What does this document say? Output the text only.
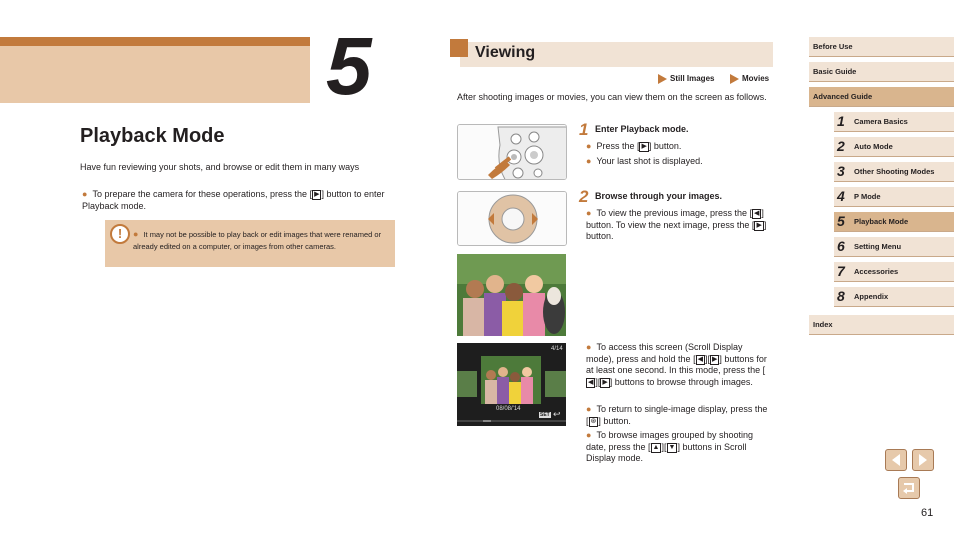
5
Playback Mode
Have fun reviewing your shots, and browse or edit them in many ways
● To prepare the camera for these operations, press the [ ▶ ] button to enter Playback mode.
!	● It may not be possible to play back or edit images that were renamed or already edited on a computer, or images from other cameras.
Viewing
Still Images	Movies
After shooting images or movies, you can view them on the screen as follows.
1 Enter Playback mode.
● Press the [ ▶ ] button.
● Your last shot is displayed.
2 Browse through your images.
● To view the previous image, press the [ ◀ ] button. To view the next image, press the [ ▶ ] button.
4/14
08/08/'14
SET ↩
● To access this screen (Scroll Display mode), press and hold the [ ◀ ][ ▶ ] buttons for at least one second. In this mode, press the [◀ ][ ▶ ] buttons to browse through images.
● To return to single-image display, press the [ ⊛ ] button.
● To browse images grouped by shooting date, press the [ ▲ ][ ▼ ] buttons in Scroll Display mode.
Before Use
Basic Guide
Advanced Guide
1 Camera Basics
2 Auto Mode
3 Other Shooting Modes
4 P Mode
5 Playback Mode
6 Setting Menu
7 Accessories
8 Appendix
Index
61
